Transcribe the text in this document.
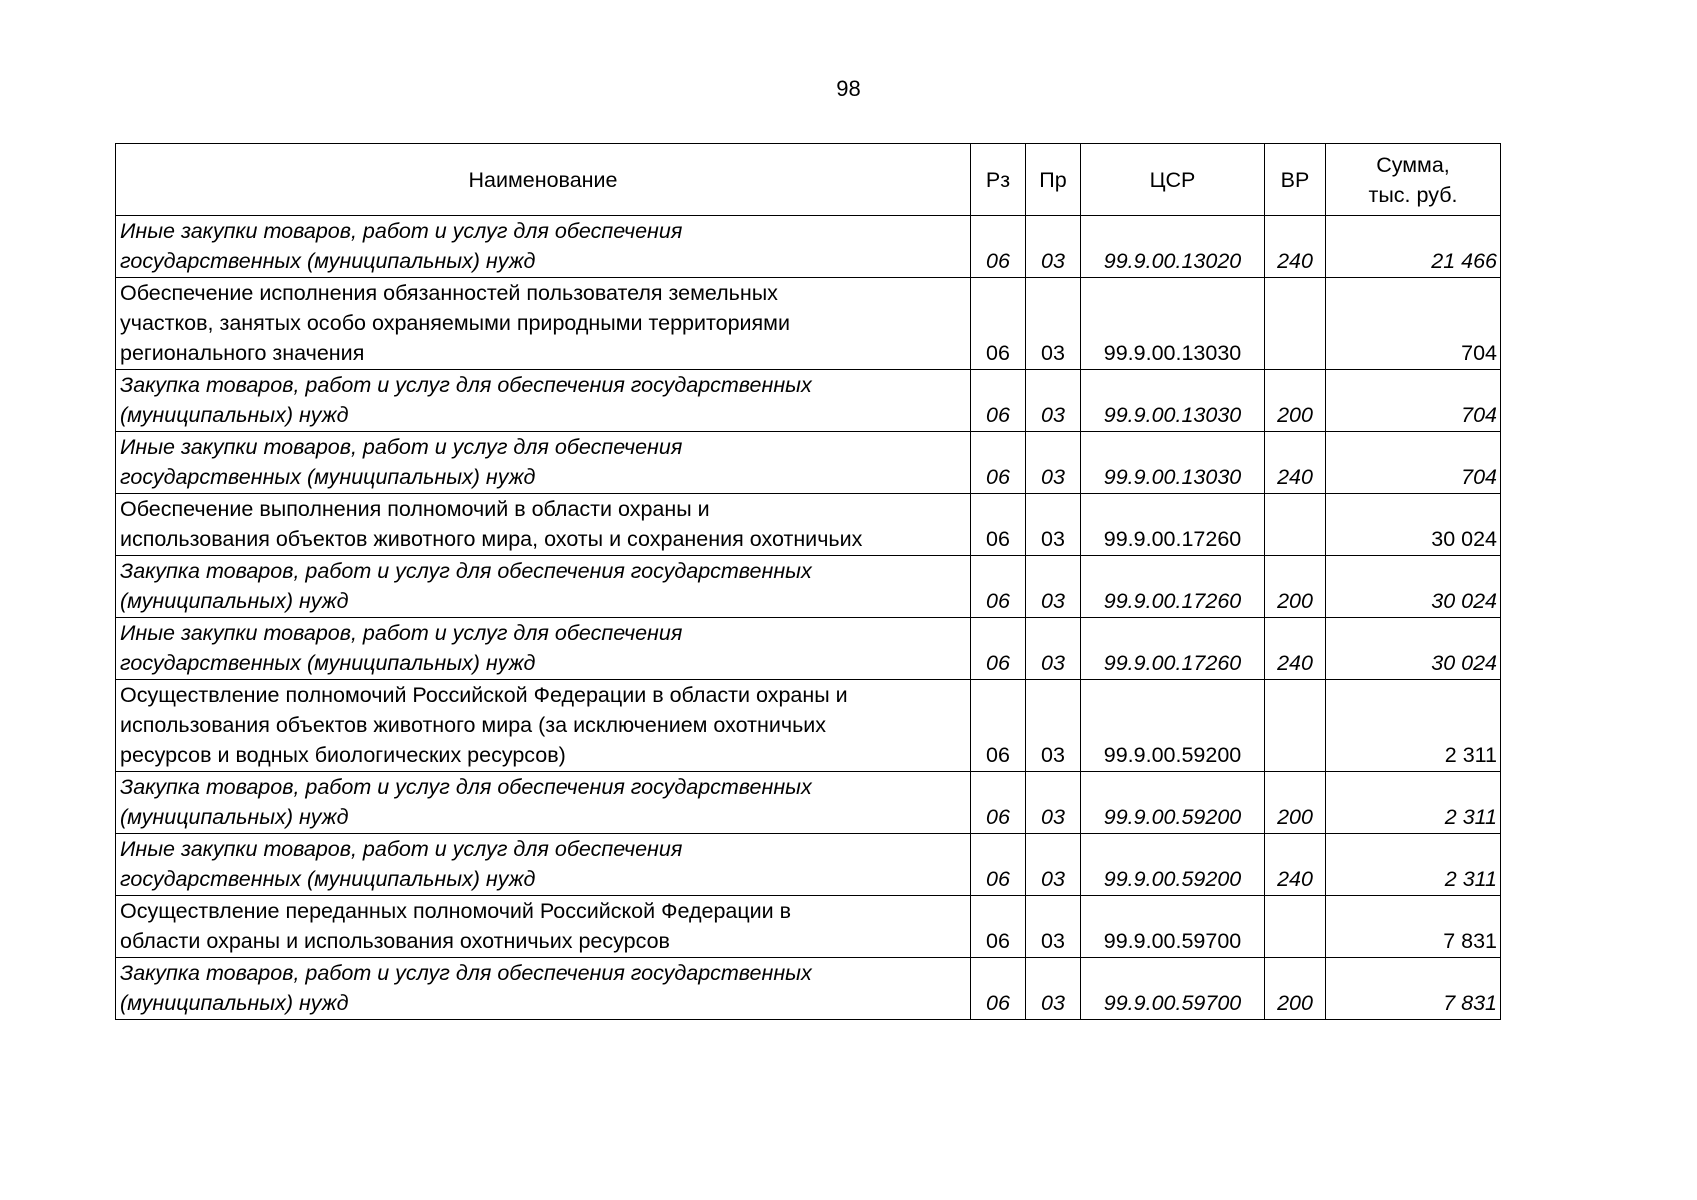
98
Наименование	Рз	Пр	ЦСР	ВР	Сумма,
тыс. руб.
Иные закупки товаров, работ и услуг для обеспечения
государственных (муниципальных) нужд	06	03	99.9.00.13020	240	21 466
Обеспечение исполнения обязанностей пользователя земельных
участков, занятых особо охраняемыми природными территориями
регионального значения	06	03	99.9.00.13030		704
Закупка товаров, работ и услуг для обеспечения государственных
(муниципальных) нужд	06	03	99.9.00.13030	200	704
Иные закупки товаров, работ и услуг для обеспечения
государственных (муниципальных) нужд	06	03	99.9.00.13030	240	704
Обеспечение выполнения полномочий в области охраны и
использования объектов животного мира, охоты и сохранения охотничьих	06	03	99.9.00.17260		30 024
Закупка товаров, работ и услуг для обеспечения государственных
(муниципальных) нужд	06	03	99.9.00.17260	200	30 024
Иные закупки товаров, работ и услуг для обеспечения
государственных (муниципальных) нужд	06	03	99.9.00.17260	240	30 024
Осуществление полномочий Российской Федерации в области охраны и
использования объектов животного мира (за исключением охотничьих
ресурсов и водных биологических ресурсов)	06	03	99.9.00.59200		2 311
Закупка товаров, работ и услуг для обеспечения государственных
(муниципальных) нужд	06	03	99.9.00.59200	200	2 311
Иные закупки товаров, работ и услуг для обеспечения
государственных (муниципальных) нужд	06	03	99.9.00.59200	240	2 311
Осуществление переданных полномочий Российской Федерации в
области охраны и использования охотничьих ресурсов	06	03	99.9.00.59700		7 831
Закупка товаров, работ и услуг для обеспечения государственных
(муниципальных) нужд	06	03	99.9.00.59700	200	7 831
